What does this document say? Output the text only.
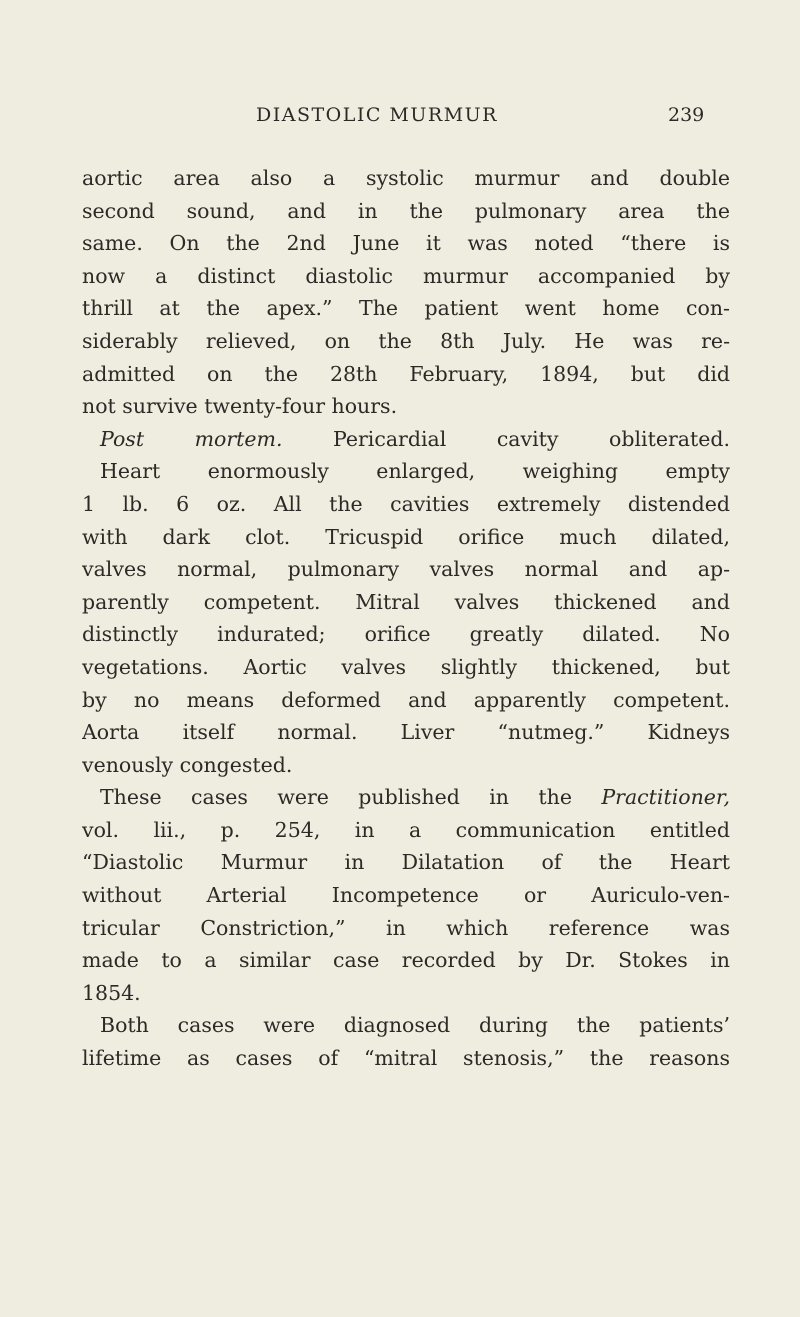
DIASTOLIC MURMUR	239
aortic area also a systolic murmur and double
second sound, and in the pulmonary area the
same. On the 2nd June it was noted “there is
now a distinct diastolic murmur accompanied by
thrill at the apex.” The patient went home con-
siderably relieved, on the 8th July. He was re-
admitted on the 28th February, 1894, but did
not survive twenty-four hours.
Post mortem. Pericardial cavity obliterated.
Heart enormously enlarged, weighing empty
1 lb. 6 oz. All the cavities extremely distended
with dark clot. Tricuspid orifice much dilated,
valves normal, pulmonary valves normal and ap-
parently competent. Mitral valves thickened and
distinctly indurated; orifice greatly dilated. No
vegetations. Aortic valves slightly thickened, but
by no means deformed and apparently competent.
Aorta itself normal. Liver “nutmeg.” Kidneys
venously congested.
These cases were published in the Practitioner,
vol. lii., p. 254, in a communication entitled
“Diastolic Murmur in Dilatation of the Heart
without Arterial Incompetence or Auriculo-ven-
tricular Constriction,” in which reference was
made to a similar case recorded by Dr. Stokes in
1854.
Both cases were diagnosed during the patients’
lifetime as cases of “mitral stenosis,” the reasons
